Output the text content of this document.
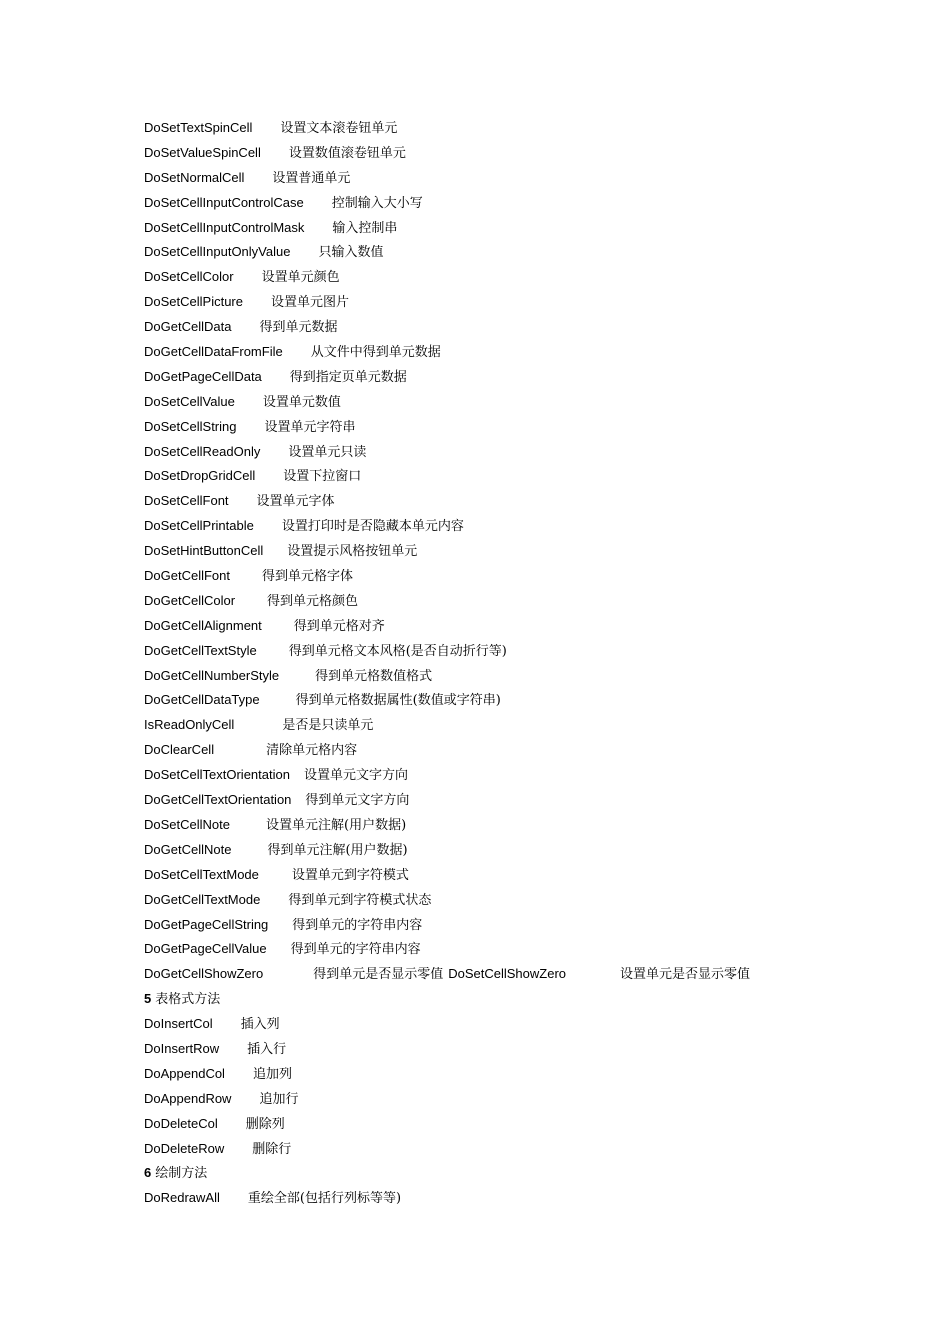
DoSetTextSpinCell 设置文本滚卷钮单元
DoSetValueSpinCell 设置数值滚卷钮单元
DoSetNormalCell 设置普通单元
DoSetCellInputControlCase 控制输入大小写
DoSetCellInputControlMask 输入控制串
DoSetCellInputOnlyValue 只输入数值
DoSetCellColor 设置单元颜色
DoSetCellPicture 设置单元图片
DoGetCellData 得到单元数据
DoGetCellDataFromFile 从文件中得到单元数据
DoGetPageCellData 得到指定页单元数据
DoSetCellValue 设置单元数值
DoSetCellString 设置单元字符串
DoSetCellReadOnly 设置单元只读
DoSetDropGridCell 设置下拉窗口
DoSetCellFont 设置单元字体
DoSetCellPrintable 设置打印时是否隐藏本单元内容
DoSetHintButtonCell 设置提示风格按钮单元
DoGetCellFont 得到单元格字体
DoGetCellColor 得到单元格颜色
DoGetCellAlignment 得到单元格对齐
DoGetCellTextStyle 得到单元格文本风格(是否自动折行等)
DoGetCellNumberStyle	得到单元格数值格式
DoGetCellDataType	得到单元格数据属性(数值或字符串)
IsReadOnlyCell	是否是只读单元
DoClearCell	清除单元格内容
DoSetCellTextOrientation 设置单元文字方向
DoGetCellTextOrientation 得到单元文字方向
DoSetCellNote	设置单元注解(用户数据)
DoGetCellNote	得到单元注解(用户数据)
DoSetCellTextMode	设置单元到字符模式
DoGetCellTextMode 得到单元到字符模式状态
DoGetPageCellString 得到单元的字符串内容
DoGetPageCellValue 得到单元的字符串内容
DoGetCellShowZero	得到单元是否显示零值 DoSetCellShowZero	设置单元是否显示零值
5 表格式方法
DoInsertCol 插入列
DoInsertRow 插入行
DoAppendCol 追加列
DoAppendRow 追加行
DoDeleteCol 删除列
DoDeleteRow 删除行
6 绘制方法
DoRedrawAll 重绘全部(包括行列标等等)
